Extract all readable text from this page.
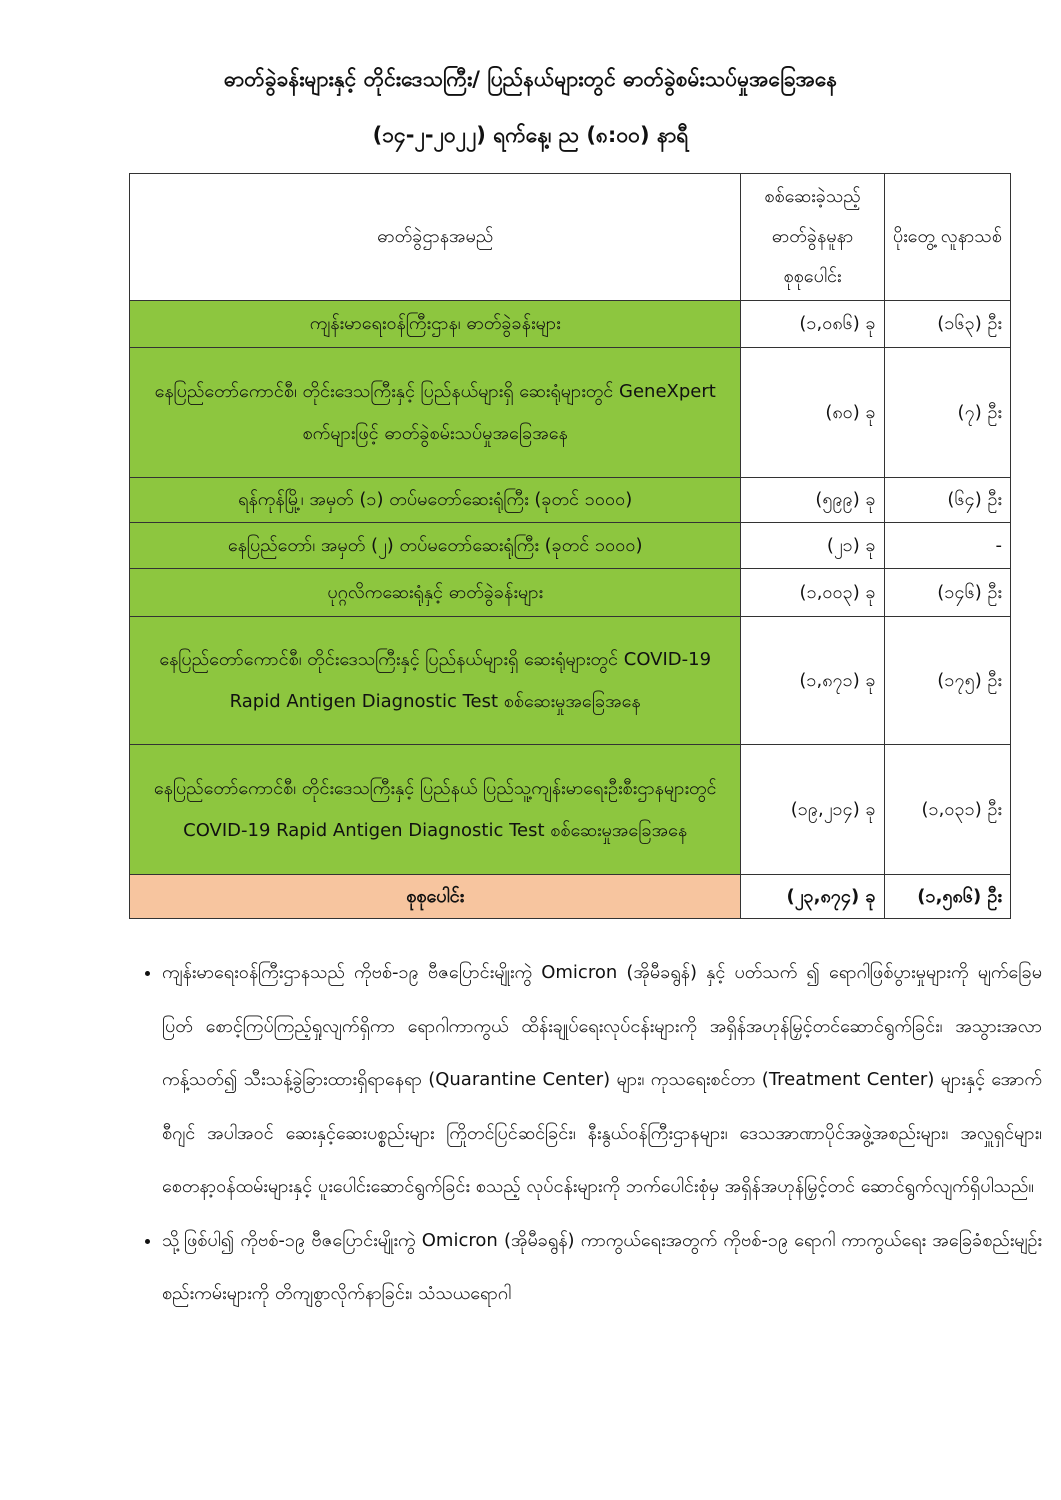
ဓာတ်ခွဲခန်းများနှင့် တိုင်းဒေသကြီး/ ပြည်နယ်များတွင် ဓာတ်ခွဲစမ်းသပ်မှုအခြေအနေ
(၁၄-၂-၂၀၂၂) ရက်နေ့၊ ည (၈:၀၀) နာရီ
ဓာတ်ခွဲဌာနအမည်	စစ်ဆေးခဲ့သည့် ဓာတ်ခွဲနမူနာ စုစုပေါင်း	ပိုးတွေ့ လူနာသစ်
ကျန်းမာရေးဝန်ကြီးဌာန၊ ဓာတ်ခွဲခန်းများ	(၁,၀၈၆) ခု	(၁၆၃) ဦး
နေပြည်တော်ကောင်စီ၊ တိုင်းဒေသကြီးနှင့် ပြည်နယ်များရှိ ဆေးရုံများတွင် GeneXpert စက်များဖြင့် ဓာတ်ခွဲစမ်းသပ်မှုအခြေအနေ	(၈၀) ခု	(၇) ဦး
ရန်ကုန်မြို့၊ အမှတ် (၁) တပ်မတော်ဆေးရုံကြီး (ခုတင် ၁၀၀၀)	(၅၉၉) ခု	(၆၄) ဦး
နေပြည်တော်၊ အမှတ် (၂) တပ်မတော်ဆေးရုံကြီး (ခုတင် ၁၀၀၀)	(၂၁) ခု	-
ပုဂ္ဂလိကဆေးရုံနှင့် ဓာတ်ခွဲခန်းများ	(၁,၀၀၃) ခု	(၁၄၆) ဦး
နေပြည်တော်ကောင်စီ၊ တိုင်းဒေသကြီးနှင့် ပြည်နယ်များရှိ ဆေးရုံများတွင် COVID-19 Rapid Antigen Diagnostic Test စစ်ဆေးမှုအခြေအနေ	(၁,၈၇၁) ခု	(၁၇၅) ဦး
နေပြည်တော်ကောင်စီ၊ တိုင်းဒေသကြီးနှင့် ပြည်နယ် ပြည်သူ့ကျန်းမာရေးဦးစီးဌာနများတွင် COVID-19 Rapid Antigen Diagnostic Test စစ်ဆေးမှုအခြေအနေ	(၁၉,၂၁၄) ခု	(၁,၀၃၁) ဦး
စုစုပေါင်း	(၂၃,၈၇၄) ခု	(၁,၅၈၆) ဦး
• ကျန်းမာရေးဝန်ကြီးဌာနသည် ကိုဗစ်-၁၉ ဗီဇပြောင်းမျိုးကွဲ Omicron (အိုမီခရွန်) နှင့် ပတ်သက် ၍ ရောဂါဖြစ်ပွားမှုများကို မျက်ခြေမပြတ် စောင့်ကြပ်ကြည့်ရှုလျက်ရှိကာ ရောဂါကာကွယ် ထိန်းချုပ်ရေးလုပ်ငန်းများကို အရှိန်အဟုန်မြှင့်တင်ဆောင်ရွက်ခြင်း၊ အသွားအလာကန့်သတ်၍ သီးသန့်ခွဲခြားထားရှိရာနေရာ (Quarantine Center) များ၊ ကုသရေးစင်တာ (Treatment Center) များနှင့် အောက်စီဂျင် အပါအဝင် ဆေးနှင့်ဆေးပစ္စည်းများ ကြိုတင်ပြင်ဆင်ခြင်း၊ နီးနွယ်ဝန်ကြီးဌာနများ၊ ဒေသအာဏာပိုင်အဖွဲ့အစည်းများ၊ အလှူရှင်များ၊ စေတနာ့ဝန်ထမ်းများနှင့် ပူးပေါင်းဆောင်ရွက်ခြင်း စသည့် လုပ်ငန်းများကို ဘက်ပေါင်းစုံမှ အရှိန်အဟုန်မြှင့်တင် ဆောင်ရွက်လျက်ရှိပါသည်။
• သို့ဖြစ်ပါ၍ ကိုဗစ်-၁၉ ဗီဇပြောင်းမျိုးကွဲ Omicron (အိုမီခရွန်) ကာကွယ်ရေးအတွက် ကိုဗစ်-၁၉ ရောဂါ ကာကွယ်ရေး အခြေခံစည်းမျဉ်းစည်းကမ်းများကို တိကျစွာလိုက်နာခြင်း၊ သံသယရောဂါ
